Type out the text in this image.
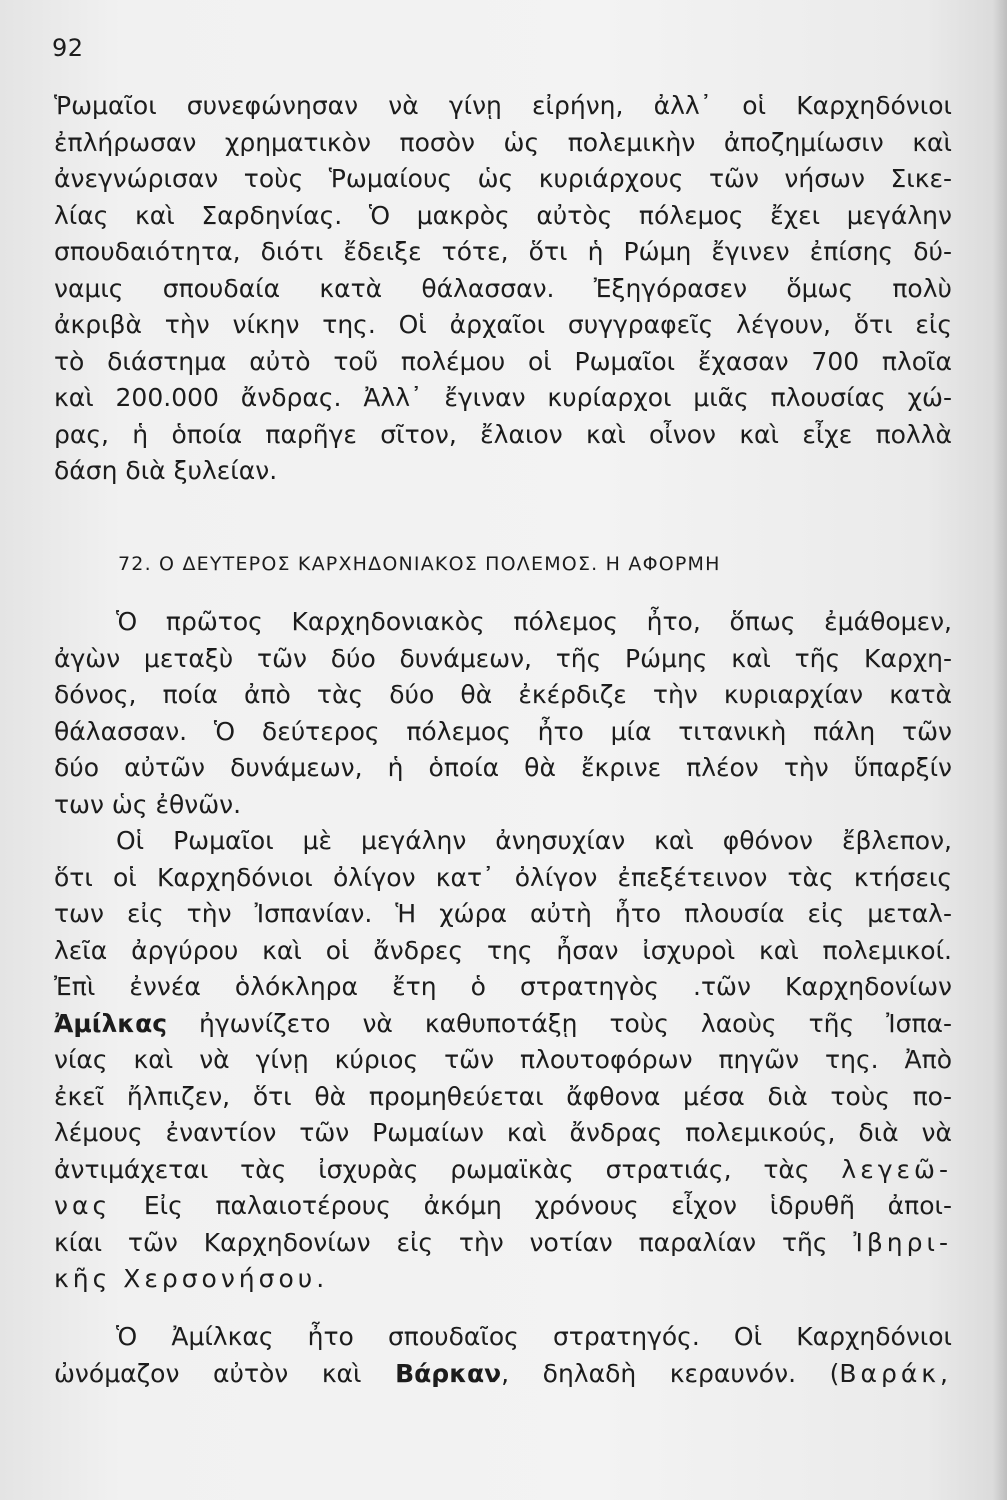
92
Ῥωμαῖοι συνεφώνησαν νὰ γίνῃ εἰρήνη, ἀλλ᾿ οἱ Καρχηδόνιοι
ἐπλήρωσαν χρηματικὸν ποσὸν ὡς πολεμικὴν ἀποζημίωσιν καὶ
ἀνεγνώρισαν τοὺς Ῥωμαίους ὡς κυριάρχους τῶν νήσων Σικε-
λίας καὶ Σαρδηνίας. Ὁ μακρὸς αὐτὸς πόλεμος ἔχει μεγάλην
σπουδαιότητα, διότι ἔδειξε τότε, ὅτι ἡ Ρώμη ἔγινεν ἐπίσης δύ-
ναμις σπουδαία κατὰ θάλασσαν. Ἐξηγόρασεν ὅμως πολὺ
ἀκριβὰ τὴν νίκην της. Οἱ ἀρχαῖοι συγγραφεῖς λέγουν, ὅτι εἰς
τὸ διάστημα αὐτὸ τοῦ πολέμου οἱ Ρωμαῖοι ἔχασαν 700 πλοῖα
καὶ 200.000 ἄνδρας. Ἀλλ᾿ ἔγιναν κυρίαρχοι μιᾶς πλουσίας χώ-
ρας, ἡ ὁποία παρῆγε σῖτον, ἔλαιον καὶ οἶνον καὶ εἶχε πολλὰ
δάση διὰ ξυλείαν.
72. Ο ΔΕΥΤΕΡΟΣ ΚΑΡΧΗΔΟΝΙΑΚΟΣ ΠΟΛΕΜΟΣ. Η ΑΦΟΡΜΗ
Ὁ πρῶτος Καρχηδονιακὸς πόλεμος ἦτο, ὅπως ἐμάθομεν,
ἀγὼν μεταξὺ τῶν δύο δυνάμεων, τῆς Ρώμης καὶ τῆς Καρχη-
δόνος, ποία ἀπὸ τὰς δύο θὰ ἐκέρδιζε τὴν κυριαρχίαν κατὰ
θάλασσαν. Ὁ δεύτερος πόλεμος ἦτο μία τιτανικὴ πάλη τῶν
δύο αὐτῶν δυνάμεων, ἡ ὁποία θὰ ἔκρινε πλέον τὴν ὕπαρξίν
των ὡς ἐθνῶν.
Οἱ Ρωμαῖοι μὲ μεγάλην ἀνησυχίαν καὶ φθόνον ἔβλεπον,
ὅτι οἱ Καρχηδόνιοι ὀλίγον κατ᾿ ὀλίγον ἐπεξέτεινον τὰς κτήσεις
των εἰς τὴν Ἰσπανίαν. Ἡ χώρα αὐτὴ ἦτο πλουσία εἰς μεταλ-
λεῖα ἀργύρου καὶ οἱ ἄνδρες της ἦσαν ἰσχυροὶ καὶ πολεμικοί.
Ἐπὶ ἐννέα ὁλόκληρα ἔτη ὁ στρατηγὸς .τῶν Καρχηδονίων
Ἀμίλκας ἠγωνίζετο νὰ καθυποτάξῃ τοὺς λαοὺς τῆς Ἰσπα-
νίας καὶ νὰ γίνῃ κύριος τῶν πλουτοφόρων πηγῶν της. Ἀπὸ
ἐκεῖ ἤλπιζεν, ὅτι θὰ προμηθεύεται ἄφθονα μέσα διὰ τοὺς πο-
λέμους ἐναντίον τῶν Ρωμαίων καὶ ἄνδρας πολεμικούς, διὰ νὰ
ἀντιμάχεται τὰς ἰσχυρὰς ρωμαϊκὰς στρατιάς, τὰς λεγεῶ-
νας Εἰς παλαιοτέρους ἀκόμη χρόνους εἶχον ἱδρυθῆ ἀποι-
κίαι τῶν Καρχηδονίων εἰς τὴν νοτίαν παραλίαν τῆς Ἰβηρι-
κῆς Χερσονήσου.
Ὁ Ἀμίλκας ἦτο σπουδαῖος στρατηγός. Οἱ Καρχηδόνιοι
ὠνόμαζον αὐτὸν καὶ Βάρκαν, δηλαδὴ κεραυνόν. (Βαράκ,
